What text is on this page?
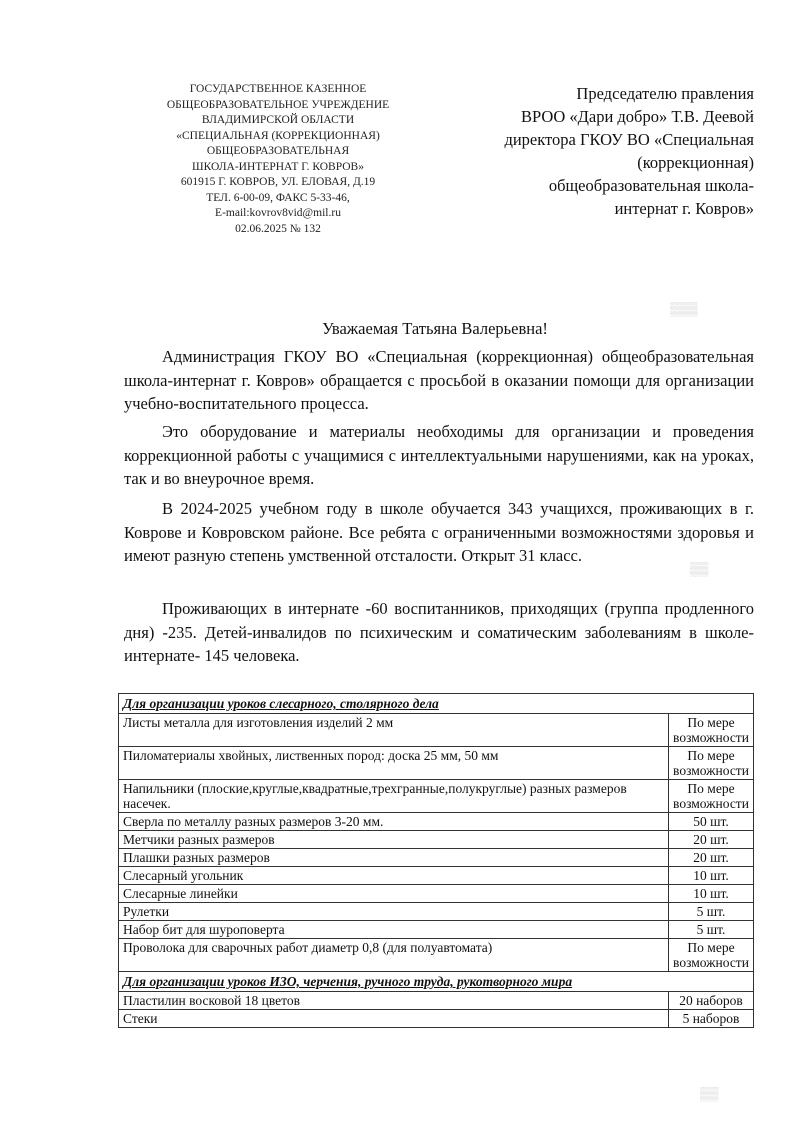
▒▒▒
▒▒
▒▒
ГОСУДАРСТВЕННОЕ КАЗЕННОЕ
ОБЩЕОБРАЗОВАТЕЛЬНОЕ УЧРЕЖДЕНИЕ
ВЛАДИМИРСКОЙ ОБЛАСТИ
«СПЕЦИАЛЬНАЯ (КОРРЕКЦИОННАЯ)
ОБЩЕОБРАЗОВАТЕЛЬНАЯ
ШКОЛА-ИНТЕРНАТ Г. КОВРОВ»
601915 Г. КОВРОВ, УЛ. ЕЛОВАЯ, Д.19
ТЕЛ. 6-00-09, ФАКС 5-33-46,
E-mail:kovrov8vid@mil.ru
02.06.2025 № 132
Председателю правления
ВРОО «Дари добро» Т.В. Деевой
директора ГКОУ ВО «Специальная
(коррекционная)
общеобразовательная школа-
интернат г. Ковров»
Уважаемая Татьяна Валерьевна!

Администрация ГКОУ ВО «Специальная (коррекционная) общеобразовательная школа-интернат г. Ковров» обращается с просьбой в оказании помощи для организации учебно-воспитательного процесса.

Это оборудование и материалы необходимы для организации и проведения коррекционной работы с учащимися с интеллектуальными нарушениями, как на уроках, так и во внеурочное время.

В 2024-2025 учебном году в школе обучается 343 учащихся, проживающих в г. Коврове и Ковровском районе. Все ребята с ограниченными возможностями здоровья и имеют разную степень умственной отсталости. Открыт 31 класс.

Проживающих в интернате -60 воспитанников, приходящих (группа продленного дня) -235. Детей-инвалидов по психическим и соматическим заболеваниям в школе-интернате- 145 человека.

Для организации уроков слесарного, столярного дела	
Листы металла для изготовления изделий 2 мм	По мере возможности
Пиломатериалы хвойных, лиственных пород: доска 25 мм, 50 мм	По мере возможности
Напильники (плоские,круглые,квадратные,трехгранные,полукруглые) разных размеров насечек.	По мере возможности
Сверла по металлу разных размеров 3-20 мм.	50 шт.
Метчики разных размеров	20 шт.
Плашки разных размеров	20 шт.
Слесарный угольник	10 шт.
Слесарные линейки	10 шт.
Рулетки	5 шт.
Набор бит для шуроповерта	5 шт.
Проволока для сварочных работ диаметр 0,8 (для полуавтомата)	По мере возможности
Для организации уроков ИЗО, черчения, ручного труда, рукотворного мира	
Пластилин восковой 18 цветов	20 наборов
Стеки	5 наборов
